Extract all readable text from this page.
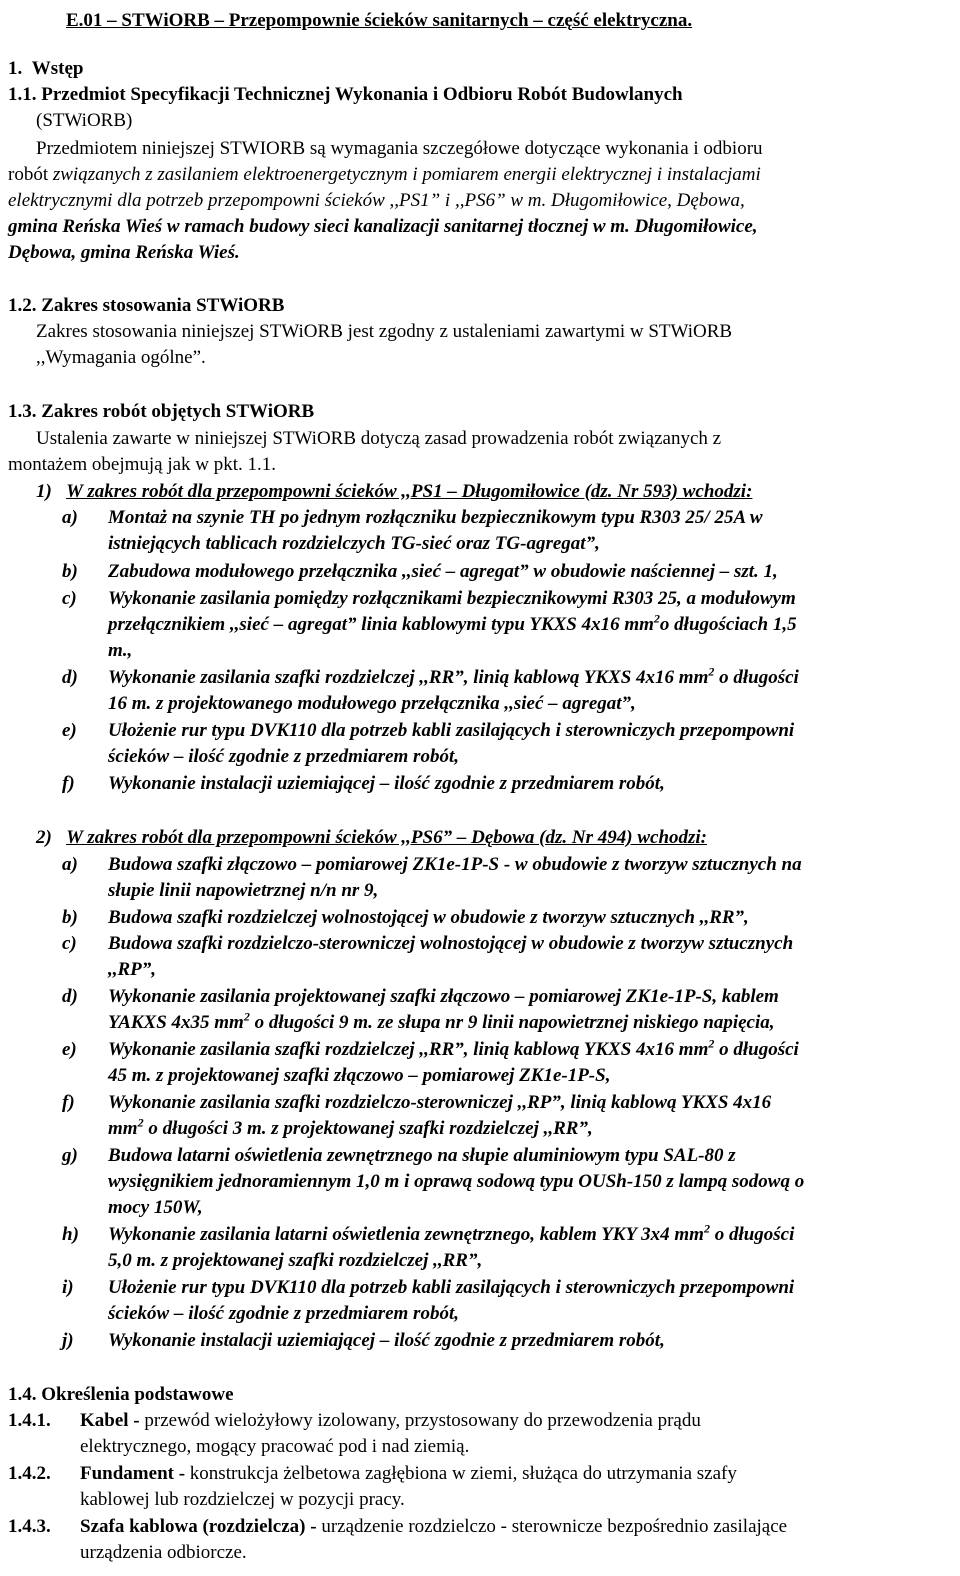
E.01 – STWiORB – Przepompownie ścieków sanitarnych – część elektryczna.
1. Wstęp
1.1. Przedmiot Specyfikacji Technicznej Wykonania i Odbioru Robót Budowlanych
(STWiORB)
Przedmiotem niniejszej STWIORB są wymagania szczegółowe dotyczące wykonania i odbioru
robót związanych z zasilaniem elektroenergetycznym i pomiarem energii elektrycznej i instalacjami
elektrycznymi dla potrzeb przepompowni ścieków ,,PS1” i ,,PS6” w m. Długomiłowice, Dębowa,
gmina Reńska Wieś w ramach budowy sieci kanalizacji sanitarnej tłocznej w m. Długomiłowice,
Dębowa, gmina Reńska Wieś.
1.2. Zakres stosowania STWiORB
Zakres stosowania niniejszej STWiORB jest zgodny z ustaleniami zawartymi w STWiORB
,,Wymagania ogólne”.
1.3. Zakres robót objętych STWiORB
Ustalenia zawarte w niniejszej STWiORB dotyczą zasad prowadzenia robót związanych z
montażem obejmują jak w pkt. 1.1.
1) W zakres robót dla przepompowni ścieków ,,PS1 – Długomiłowice (dz. Nr 593) wchodzi:
a) Montaż na szynie TH po jednym rozłączniku bezpiecznikowym typu R303 25/ 25A w
istniejących tablicach rozdzielczych TG-sieć oraz TG-agregat”,
b) Zabudowa modułowego przełącznika ,,sieć – agregat” w obudowie naściennej – szt. 1,
c) Wykonanie zasilania pomiędzy rozłącznikami bezpiecznikowymi R303 25, a modułowym
przełącznikiem ,,sieć – agregat” linia kablowymi typu YKXS 4x16 $mm^2o$ długościach 1,5
m.,
d) Wykonanie zasilania szafki rozdzielczej ,,RR”, linią kablową YKXS 4x16 $mm^2$ o długości
16 m. z projektowanego modułowego przełącznika ,,sieć – agregat”,
e) Ułożenie rur typu DVK110 dla potrzeb kabli zasilających i sterowniczych przepompowni
ścieków – ilość zgodnie z przedmiarem robót,
f) Wykonanie instalacji uziemiającej – ilość zgodnie z przedmiarem robót,
2) W zakres robót dla przepompowni ścieków ,,PS6” – Dębowa (dz. Nr 494) wchodzi:
a) Budowa szafki złączowo – pomiarowej ZK1e-1P-S - w obudowie z tworzyw sztucznych na
słupie linii napowietrznej n/n nr 9,
b) Budowa szafki rozdzielczej wolnostojącej w obudowie z tworzyw sztucznych ,,RR”,
c) Budowa szafki rozdzielczo-sterowniczej wolnostojącej w obudowie z tworzyw sztucznych
,,RP”,
d) Wykonanie zasilania projektowanej szafki złączowo – pomiarowej ZK1e-1P-S, kablem
YAKXS 4x35 $mm^2$ o długości 9 m. ze słupa nr 9 linii napowietrznej niskiego napięcia,
e) Wykonanie zasilania szafki rozdzielczej ,,RR”, linią kablową YKXS 4x16 $mm^2$ o długości
45 m. z projektowanej szafki złączowo – pomiarowej ZK1e-1P-S,
f) Wykonanie zasilania szafki rozdzielczo-sterowniczej ,,RP”, linią kablową YKXS 4x16
$mm^2$ o długości 3 m. z projektowanej szafki rozdzielczej ,,RR”,
g) Budowa latarni oświetlenia zewnętrznego na słupie aluminiowym typu SAL-80 z
wysięgnikiem jednoramiennym 1,0 m i oprawą sodową typu OUSh-150 z lampą sodową o
mocy 150W,
h) Wykonanie zasilania latarni oświetlenia zewnętrznego, kablem YKY 3x4 $mm^2$ o długości
5,0 m. z projektowanej szafki rozdzielczej ,,RR”,
i) Ułożenie rur typu DVK110 dla potrzeb kabli zasilających i sterowniczych przepompowni
ścieków – ilość zgodnie z przedmiarem robót,
j) Wykonanie instalacji uziemiającej – ilość zgodnie z przedmiarem robót,
1.4. Określenia podstawowe
1.4.1. Kabel - przewód wielożyłowy izolowany, przystosowany do przewodzenia prądu
elektrycznego, mogący pracować pod i nad ziemią.
1.4.2. Fundament - konstrukcja żelbetowa zagłębiona w ziemi, służąca do utrzymania szafy
kablowej lub rozdzielczej w pozycji pracy.
1.4.3. Szafa kablowa (rozdzielcza) - urządzenie rozdzielczo - sterownicze bezpośrednio zasilające
urządzenia odbiorcze.
